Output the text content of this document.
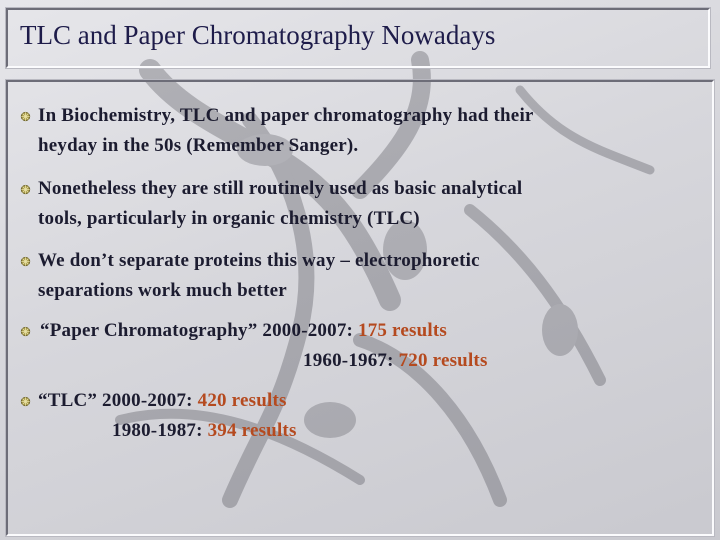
TLC and Paper Chromatography Nowadays
In Biochemistry, TLC and paper chromatography had their
heyday in the 50s (Remember Sanger).
Nonetheless they are still routinely used as basic analytical
tools, particularly in organic chemistry (TLC)
We don’t separate proteins this way – electrophoretic
separations work much better
“Paper Chromatography” 2000-2007: 175 results
1960-1967: 720 results
“TLC” 2000-2007: 420 results
1980-1987: 394 results
